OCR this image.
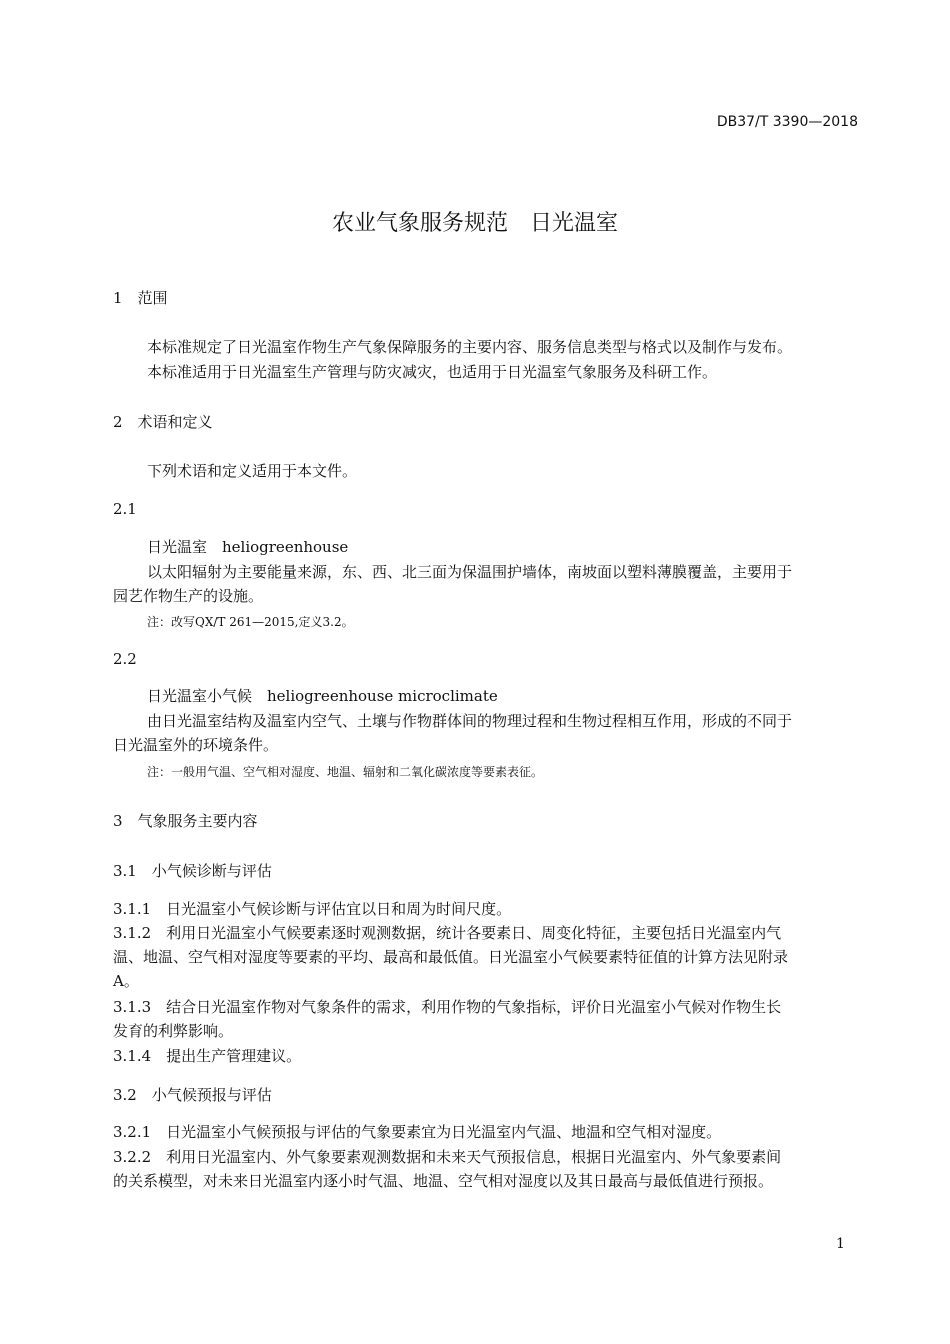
DB37/T 3390—2018
农业气象服务规范　日光温室
1　范围
本标准规定了日光温室作物生产气象保障服务的主要内容、服务信息类型与格式以及制作与发布。
本标准适用于日光温室生产管理与防灾减灾，也适用于日光温室气象服务及科研工作。
2　术语和定义
下列术语和定义适用于本文件。
2.1
日光温室　heliogreenhouse
以太阳辐射为主要能量来源，东、西、北三面为保温围护墙体，南坡面以塑料薄膜覆盖，主要用于
园艺作物生产的设施。
注：改写QX/T 261—2015,定义3.2。
2.2
日光温室小气候　heliogreenhouse microclimate
由日光温室结构及温室内空气、土壤与作物群体间的物理过程和生物过程相互作用，形成的不同于
日光温室外的环境条件。
注：一般用气温、空气相对湿度、地温、辐射和二氧化碳浓度等要素表征。
3　气象服务主要内容
3.1　小气候诊断与评估
3.1.1　日光温室小气候诊断与评估宜以日和周为时间尺度。
3.1.2　利用日光温室小气候要素逐时观测数据，统计各要素日、周变化特征，主要包括日光温室内气
温、地温、空气相对湿度等要素的平均、最高和最低值。日光温室小气候要素特征值的计算方法见附录
A。
3.1.3　结合日光温室作物对气象条件的需求，利用作物的气象指标，评价日光温室小气候对作物生长
发育的利弊影响。
3.1.4　提出生产管理建议。
3.2　小气候预报与评估
3.2.1　日光温室小气候预报与评估的气象要素宜为日光温室内气温、地温和空气相对湿度。
3.2.2　利用日光温室内、外气象要素观测数据和未来天气预报信息，根据日光温室内、外气象要素间
的关系模型，对未来日光温室内逐小时气温、地温、空气相对湿度以及其日最高与最低值进行预报。
1
